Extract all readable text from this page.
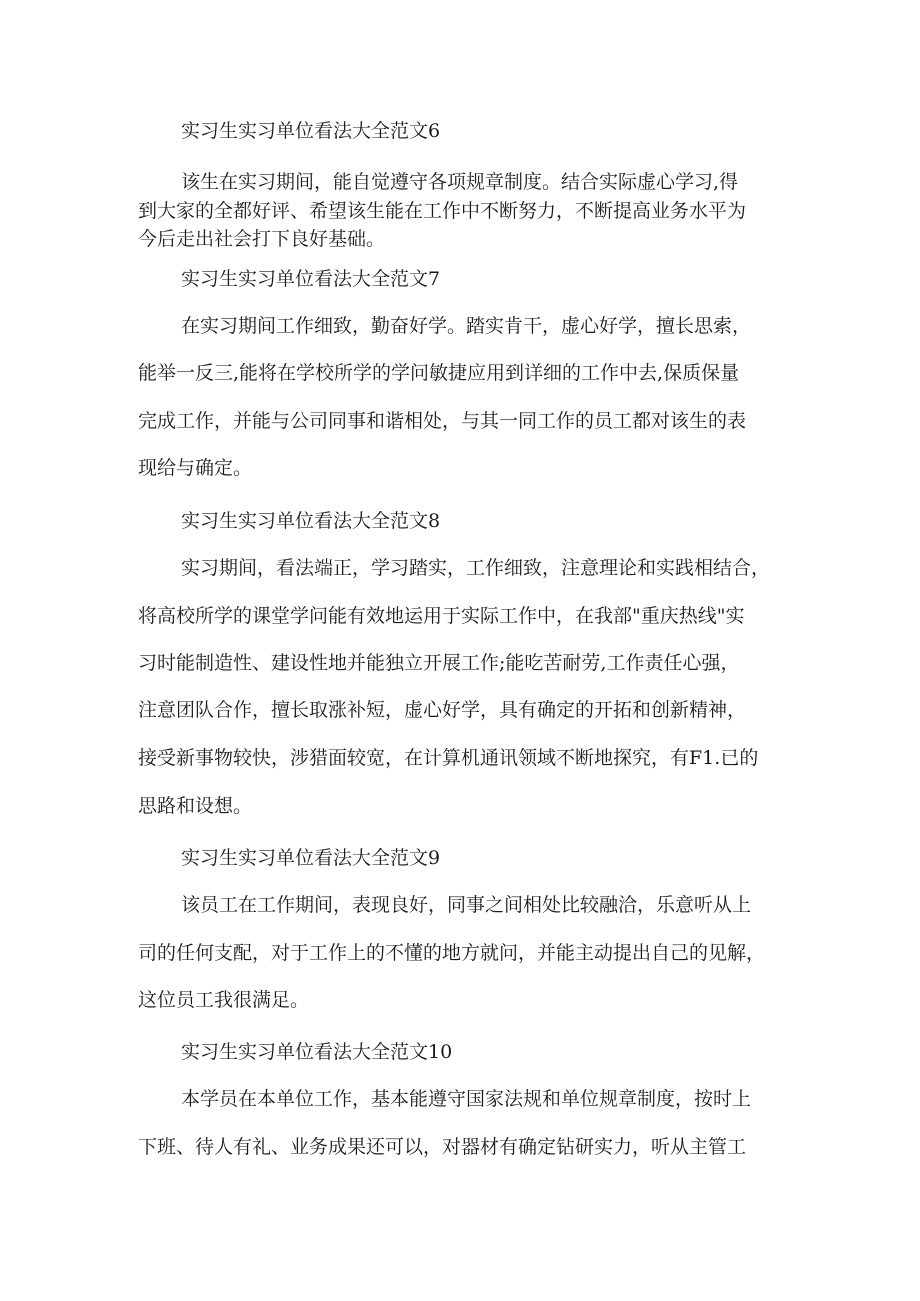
实习生实习单位看法大全范文6
该生在实习期间，能自觉遵守各项规章制度。结合实际虚心学习,得
到大家的全都好评、希望该生能在工作中不断努力，不断提高业务水平为
今后走出社会打下良好基础。
实习生实习单位看法大全范文7
在实习期间工作细致，勤奋好学。踏实肯干，虚心好学，擅长思索，
能举一反三,能将在学校所学的学问敏捷应用到详细的工作中去,保质保量
完成工作，并能与公司同事和谐相处，与其一同工作的员工都对该生的表
现给与确定。
实习生实习单位看法大全范文8
实习期间，看法端正，学习踏实，工作细致，注意理论和实践相结合，
将高校所学的课堂学问能有效地运用于实际工作中，在我部"重庆热线"实
习时能制造性、建设性地并能独立开展工作;能吃苦耐劳,工作责任心强，
注意团队合作，擅长取涨补短，虚心好学，具有确定的开拓和创新精神，
接受新事物较快，涉猎面较宽，在计算机通讯领域不断地探究，有F1.已的
思路和设想。
实习生实习单位看法大全范文9
该员工在工作期间，表现良好，同事之间相处比较融洽，乐意听从上
司的任何支配，对于工作上的不懂的地方就问，并能主动提出自己的见解，
这位员工我很满足。
实习生实习单位看法大全范文10
本学员在本单位工作，基本能遵守国家法规和单位规章制度，按时上
下班、待人有礼、业务成果还可以，对器材有确定钻研实力，听从主管工
